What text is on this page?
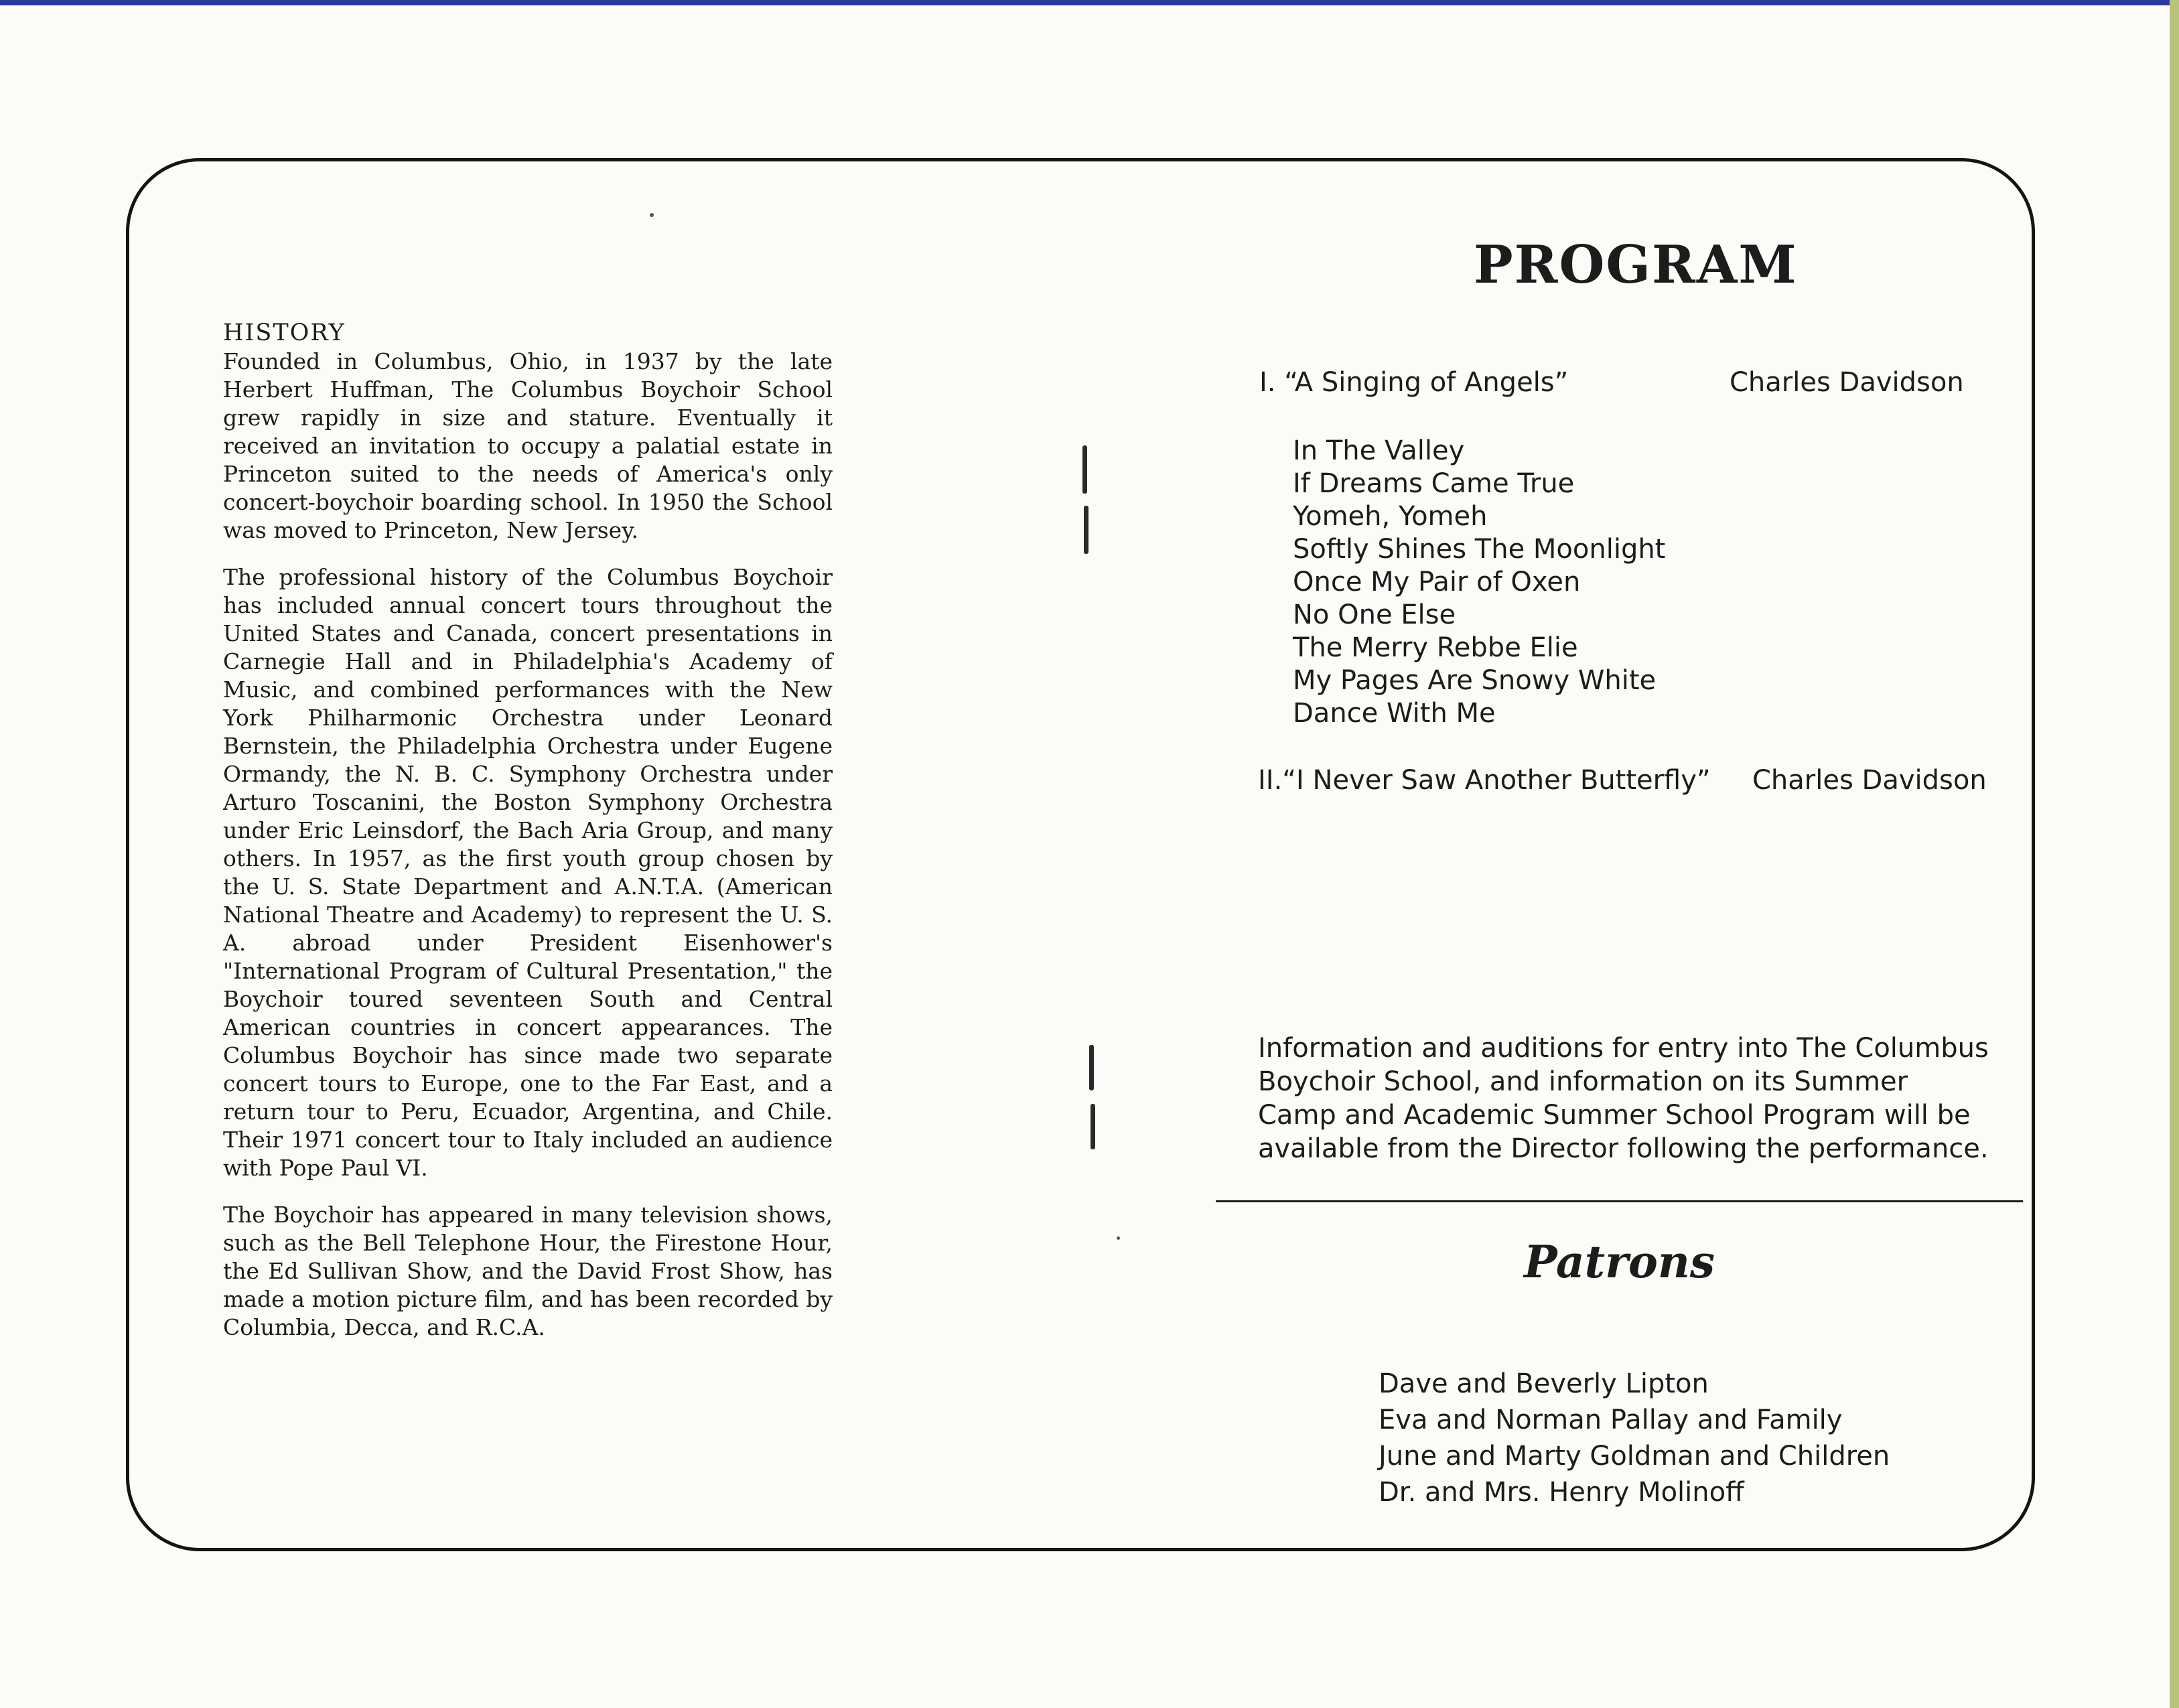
HISTORY

Founded in Columbus, Ohio, in 1937 by the late Herbert Huffman, The Columbus Boychoir School grew rapidly in size and stature. Eventually it received an invitation to occupy a palatial estate in Princeton suited to the needs of America's only concert-boychoir boarding school. In 1950 the School was moved to Princeton, New Jersey.

The professional history of the Columbus Boychoir has included annual concert tours throughout the United States and Canada, concert presentations in Carnegie Hall and in Philadelphia's Academy of Music, and combined performances with the New York Philharmonic Orchestra under Leonard Bernstein, the Philadelphia Orchestra under Eugene Ormandy, the N. B. C. Symphony Orchestra under Arturo Toscanini, the Boston Symphony Orchestra under Eric Leinsdorf, the Bach Aria Group, and many others. In 1957, as the first youth group chosen by the U. S. State Department and A.N.T.A. (American National Theatre and Academy) to represent the U. S. A. abroad under President Eisenhower's "International Program of Cultural Presentation," the Boychoir toured seventeen South and Central American countries in concert appearances. The Columbus Boychoir has since made two separate concert tours to Europe, one to the Far East, and a return tour to Peru, Ecuador, Argentina, and Chile. Their 1971 concert tour to Italy included an audience with Pope Paul VI.

The Boychoir has appeared in many television shows, such as the Bell Telephone Hour, the Firestone Hour, the Ed Sullivan Show, and the David Frost Show, has made a motion picture film, and has been recorded by Columbia, Decca, and R.C.A.

PROGRAM
I. “A Singing of Angels”	Charles Davidson
In The Valley
If Dreams Came True
Yomeh, Yomeh
Softly Shines The Moonlight
Once My Pair of Oxen
No One Else
The Merry Rebbe Elie
My Pages Are Snowy White
Dance With Me
II.“I Never Saw Another Butterfly” Charles Davidson
Information and auditions for entry into The Columbus
Boychoir School, and information on its Summer
Camp and Academic Summer School Program will be
available from the Director following the performance.
Patrons
Dave and Beverly Lipton
Eva and Norman Pallay and Family
June and Marty Goldman and Children
Dr. and Mrs. Henry Molinoff
